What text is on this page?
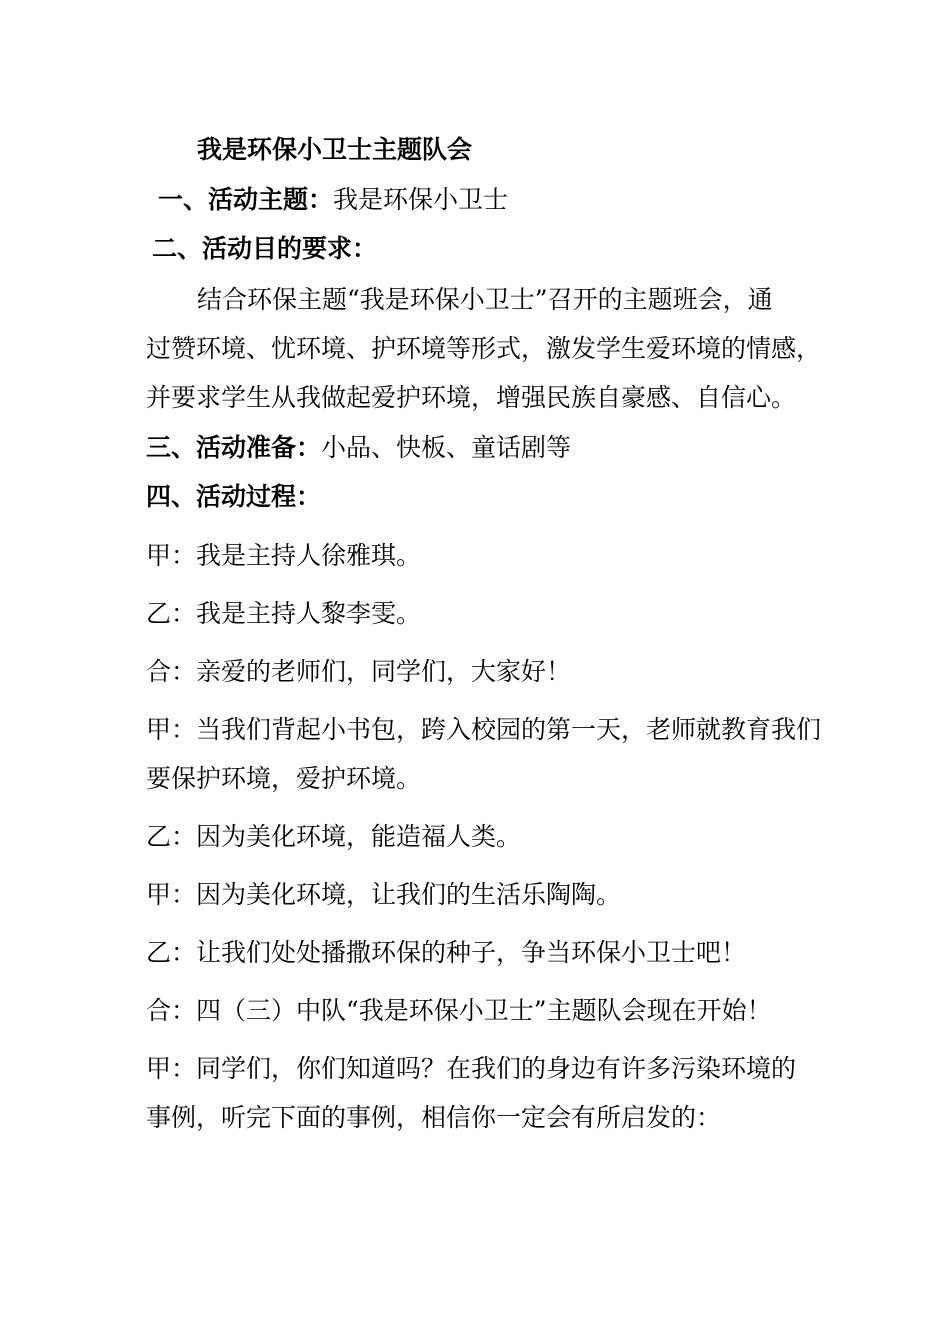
我是环保小卫士主题队会
一、活动主题：我是环保小卫士
二、活动目的要求：
结合环保主题“我是环保小卫士”召开的主题班会，通
过赞环境、忧环境、护环境等形式，激发学生爱环境的情感，
并要求学生从我做起爱护环境，增强民族自豪感、自信心。
三、活动准备：小品、快板、童话剧等
四、活动过程：
甲：我是主持人徐雅琪。
乙：我是主持人黎李雯。
合：亲爱的老师们，同学们，大家好！
甲：当我们背起小书包，跨入校园的第一天，老师就教育我们
要保护环境，爱护环境。
乙：因为美化环境，能造福人类。
甲：因为美化环境，让我们的生活乐陶陶。
乙：让我们处处播撒环保的种子，争当环保小卫士吧！
合：四（三）中队“我是环保小卫士”主题队会现在开始！
甲：同学们，你们知道吗？在我们的身边有许多污染环境的
事例，听完下面的事例，相信你一定会有所启发的：
